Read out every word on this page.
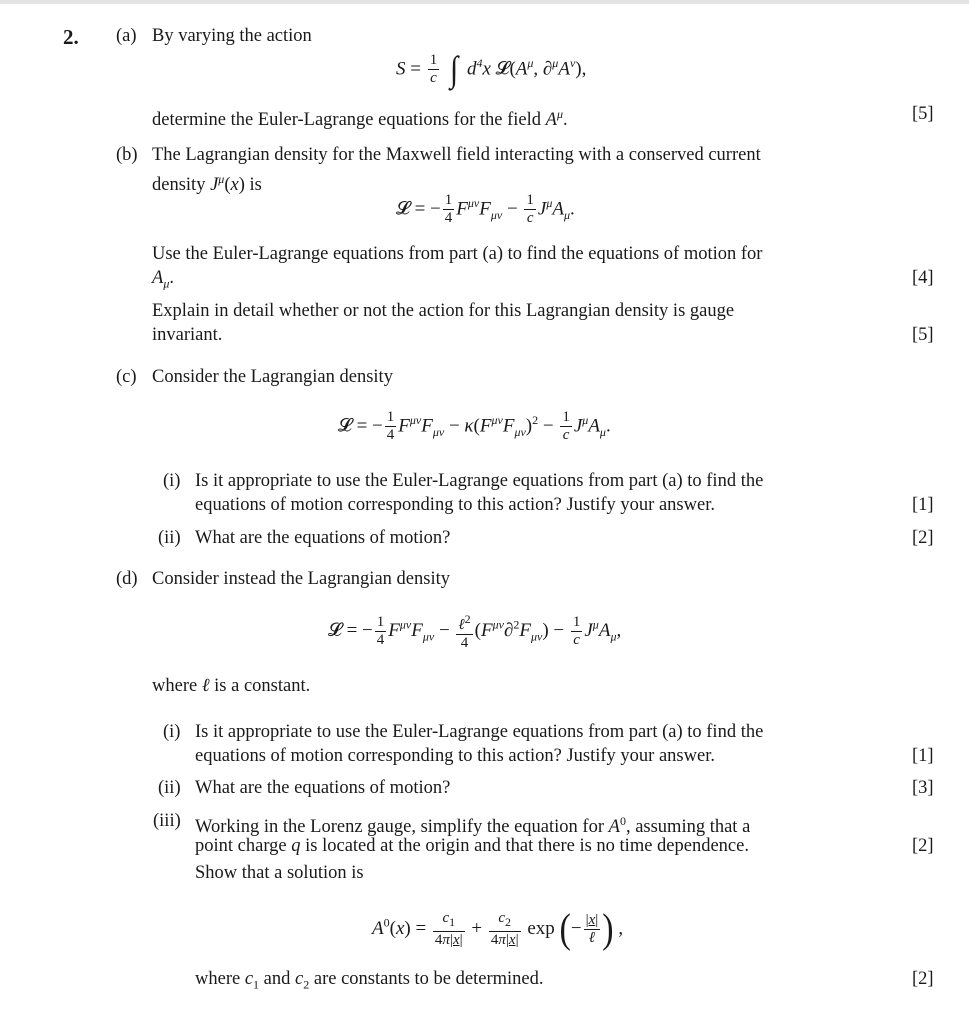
2. (a) By varying the action
$S = \frac{1}{c}$ ∫ $d^4x$ $𝓛(A^\mu$, $\partial^\mu A^\nu$),
determine the Euler-Lagrange equations for the field $A^\mu$.	[5]
(b) The Lagrangian density for the Maxwell field interacting with a conserved current
density $J^\mu(x)$ is
𝓛 = − $\frac{1}{4} F^{\mu\nu}F_{\mu\nu} - \frac{1}{c} J^\mu A_\mu$.
Use the Euler-Lagrange equations from part (a) to find the equations of motion for
$A_\mu$.	[4]
Explain in detail whether or not the action for this Lagrangian density is gauge
invariant.	[5]
(c) Consider the Lagrangian density
𝓛 = − $\frac{1}{4} F^{\mu\nu}F_{\mu\nu} - \kappa(F^{\mu\nu}F_{\mu\nu})^2 - \frac{1}{c} J^\mu A_\mu$.
(i) Is it appropriate to use the Euler-Lagrange equations from part (a) to find the
equations of motion corresponding to this action? Justify your answer.	[1]
(ii) What are the equations of motion?	[2]
(d) Consider instead the Lagrangian density
𝓛 = − $\frac{1}{4} F^{\mu\nu}F_{\mu\nu} - \frac{\ell^2}{4} (F^{\mu\nu}\partial^2F_{\mu\nu}) - \frac{1}{c} J^\mu A_\mu$,
where ℓ is a constant.
(i) Is it appropriate to use the Euler-Lagrange equations from part (a) to find the
equations of motion corresponding to this action? Justify your answer.	[1]
(ii) What are the equations of motion?	[3]
(iii) Working in the Lorenz gauge, simplify the equation for $A^0$, assuming that a
point charge q is located at the origin and that there is no time dependence.	[2]
Show that a solution is
$A^0(x) = \frac{c_1}{4\pi|x|} + \frac{c_2}{4\pi|x|}$ exp (− $\frac{|x|}{\text{ℓ}}$ ) ,
where $c_1$ and $c_2$ are constants to be determined.	[2]
